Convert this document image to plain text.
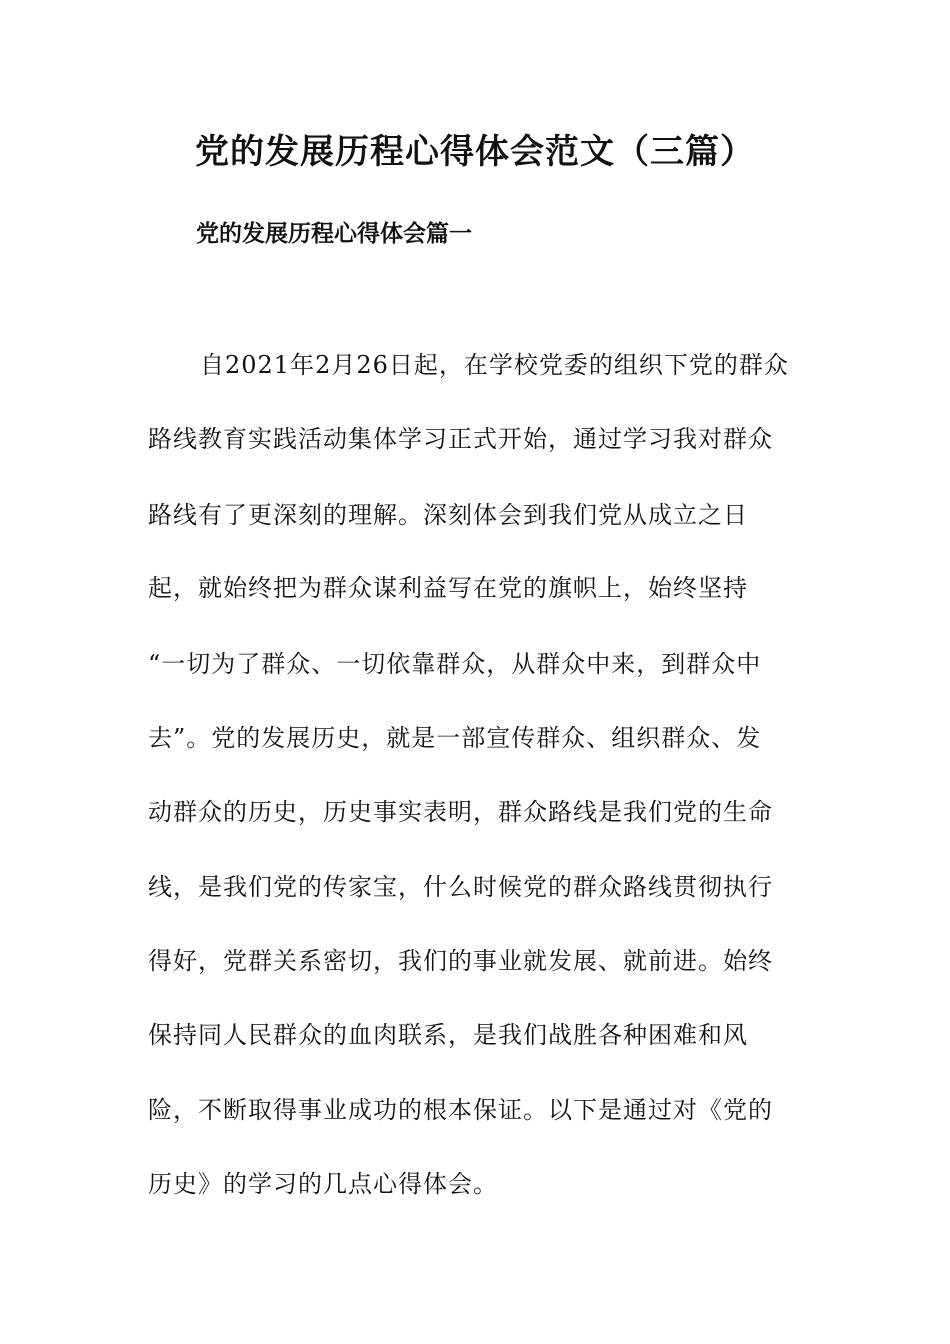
党的发展历程心得体会范文（三篇）
党的发展历程心得体会篇一

自2021年2月26日起，在学校党委的组织下党的群众

路线教育实践活动集体学习正式开始，通过学习我对群众

路线有了更深刻的理解。深刻体会到我们党从成立之日

起，就始终把为群众谋利益写在党的旗帜上，始终坚持

“一切为了群众、一切依靠群众，从群众中来，到群众中

去”。党的发展历史，就是一部宣传群众、组织群众、发

动群众的历史，历史事实表明，群众路线是我们党的生命

线，是我们党的传家宝，什么时候党的群众路线贯彻执行

得好，党群关系密切，我们的事业就发展、就前进。始终

保持同人民群众的血肉联系，是我们战胜各种困难和风

险，不断取得事业成功的根本保证。以下是通过对《党的

历史》的学习的几点心得体会。
